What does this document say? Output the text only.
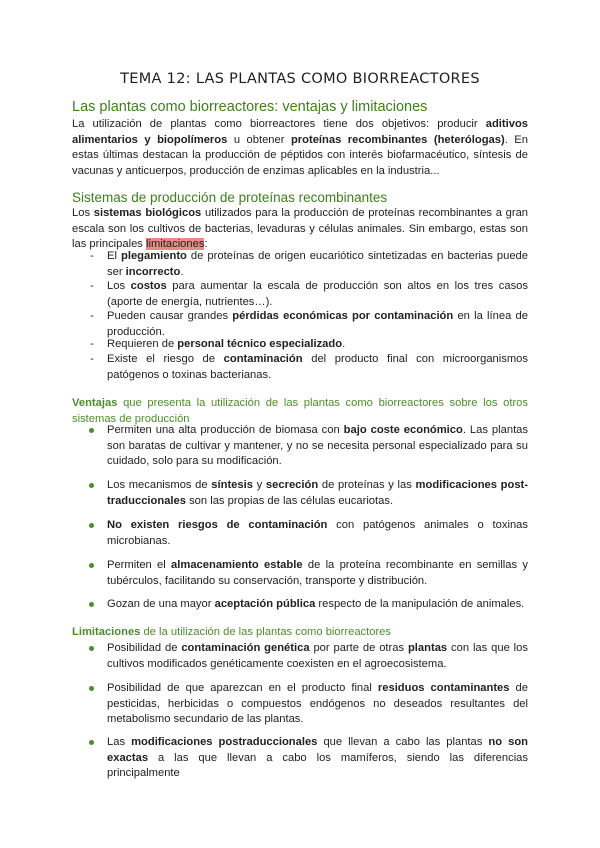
TEMA 12: LAS PLANTAS COMO BIORREACTORES
Las plantas como biorreactores: ventajas y limitaciones
La utilización de plantas como biorreactores tiene dos objetivos: producir aditivos alimentarios y biopolímeros u obtener proteínas recombinantes (heterólogas). En estas últimas destacan la producción de péptidos con interés biofarmacéutico, síntesis de vacunas y anticuerpos, producción de enzimas aplicables en la industria...
Sistemas de producción de proteínas recombinantes
Los sistemas biológicos utilizados para la producción de proteínas recombinantes a gran escala son los cultivos de bacterias, levaduras y células animales. Sin embargo, estas son las principales limitaciones:
- El plegamiento de proteínas de origen eucariótico sintetizadas en bacterias puede ser incorrecto.
- Los costos para aumentar la escala de producción son altos en los tres casos (aporte de energía, nutrientes…).
- Pueden causar grandes pérdidas económicas por contaminación en la línea de producción.
- Requieren de personal técnico especializado.
- Existe el riesgo de contaminación del producto final con microorganismos patógenos o toxinas bacterianas.
Ventajas que presenta la utilización de las plantas como biorreactores sobre los otros sistemas de producción
Permiten una alta producción de biomasa con bajo coste económico. Las plantas son baratas de cultivar y mantener, y no se necesita personal especializado para su cuidado, solo para su modificación.
Los mecanismos de síntesis y secreción de proteínas y las modificaciones post-traduccionales son las propias de las células eucariotas.
No existen riesgos de contaminación con patógenos animales o toxinas microbianas.
Permiten el almacenamiento estable de la proteína recombinante en semillas y tubérculos, facilitando su conservación, transporte y distribución.
Gozan de una mayor aceptación pública respecto de la manipulación de animales.
Limitaciones de la utilización de las plantas como biorreactores
Posibilidad de contaminación genética por parte de otras plantas con las que los cultivos modificados genéticamente coexisten en el agroecosistema.
Posibilidad de que aparezcan en el producto final residuos contaminantes de pesticidas, herbicidas o compuestos endógenos no deseados resultantes del metabolismo secundario de las plantas.
Las modificaciones postraduccionales que llevan a cabo las plantas no son exactas a las que llevan a cabo los mamíferos, siendo las diferencias principalmente
